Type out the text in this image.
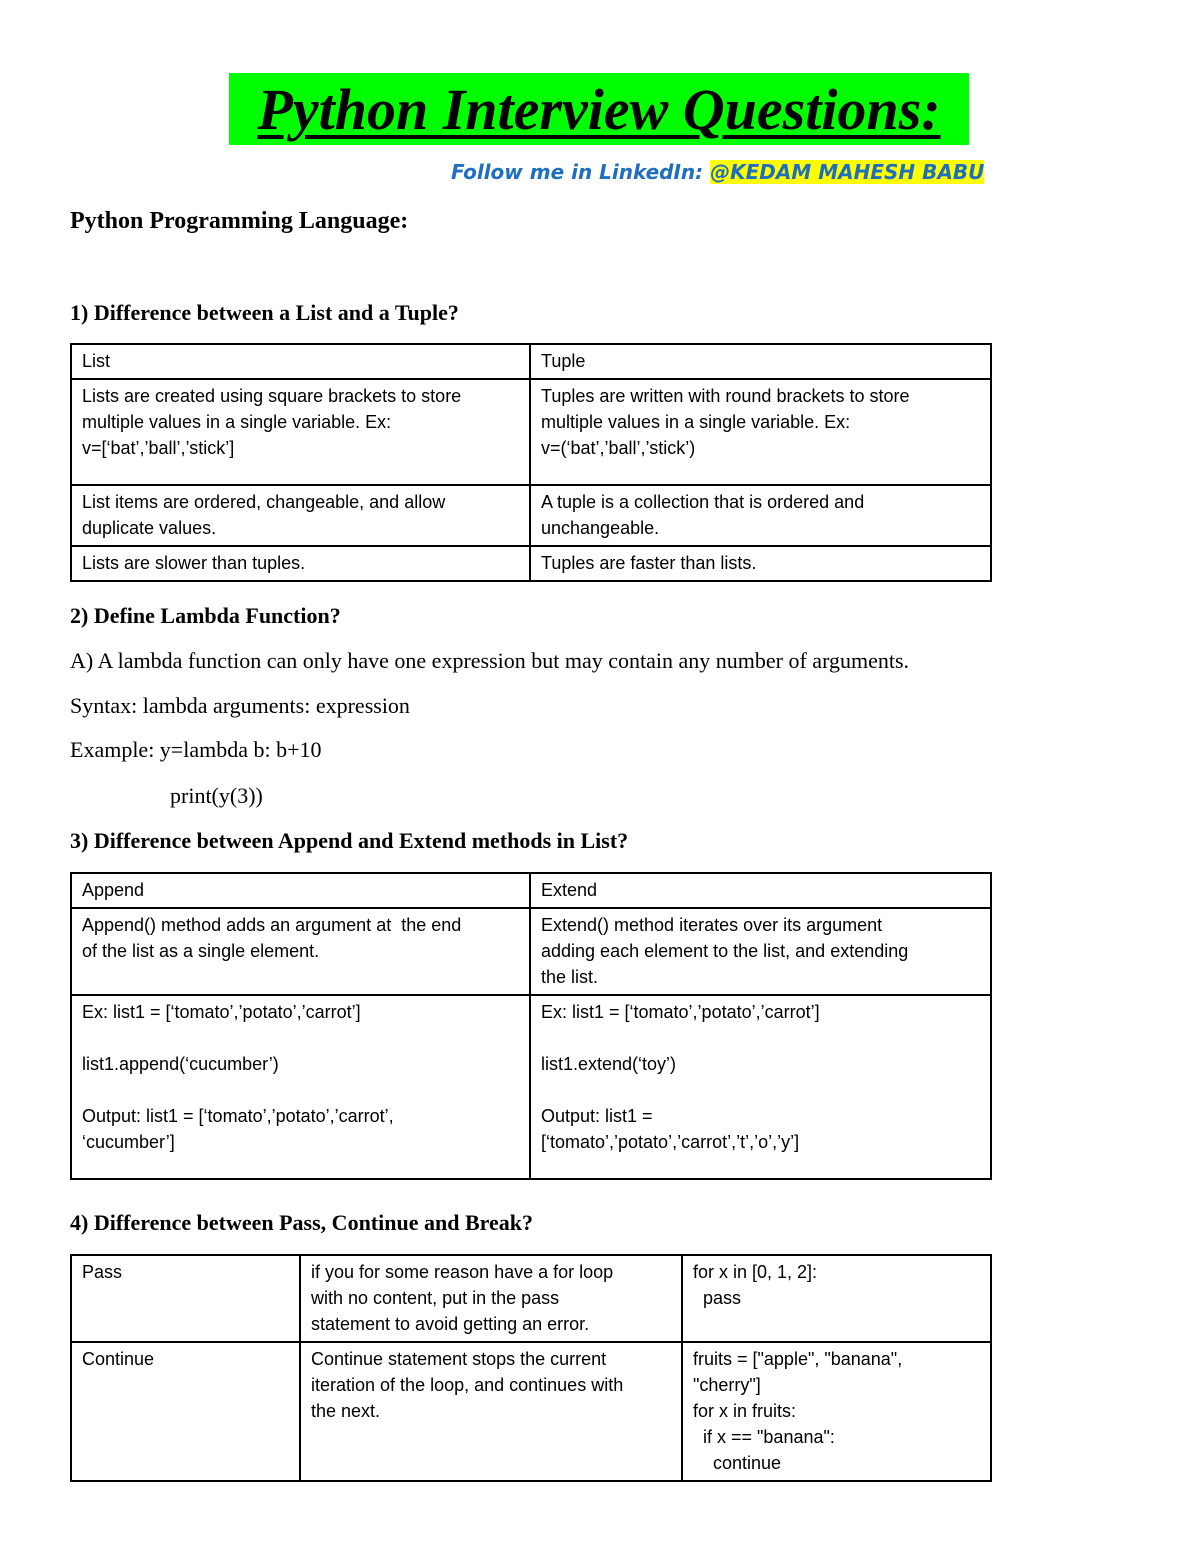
Python Interview Questions:
Follow me in LinkedIn: @KEDAM MAHESH BABU
Python Programming Language:
1) Difference between a List and a Tuple?
List	Tuple

Lists are created using square brackets to store
multiple values in a single variable. Ex:
v=[‘bat’,’ball’,’stick’]	Tuples are written with round brackets to store
multiple values in a single variable. Ex:
v=(‘bat’,’ball’,’stick’)

List items are ordered, changeable, and allow
duplicate values.	A tuple is a collection that is ordered and
unchangeable.

Lists are slower than tuples.	Tuples are faster than lists.
2) Define Lambda Function?
A) A lambda function can only have one expression but may contain any number of arguments.
Syntax: lambda arguments: expression
Example: y=lambda b: b+10
print(y(3))
3) Difference between Append and Extend methods in List?
Append	Extend

Append() method adds an argument at  the end
of the list as a single element.	Extend() method iterates over its argument
adding each element to the list, and extending
the list.

Ex: list1 = [‘tomato’,’potato’,’carrot’]
list1.append(‘cucumber’)
Output: list1 = [‘tomato’,’potato’,’carrot’,
‘cucumber’]	Ex: list1 = [‘tomato’,’potato’,’carrot’]
list1.extend(‘toy’)
Output: list1 =
[‘tomato’,’potato’,’carrot’,’t’,’o’,’y’]
4) Difference between Pass, Continue and Break?
Pass	if you for some reason have a for loop
with no content, put in the pass
statement to avoid getting an error.	for x in [0, 1, 2]:
pass

Continue	Continue statement stops the current
iteration of the loop, and continues with
the next.	fruits = ["apple", "banana",
"cherry"]
for x in fruits:
if x == "banana":
continue
